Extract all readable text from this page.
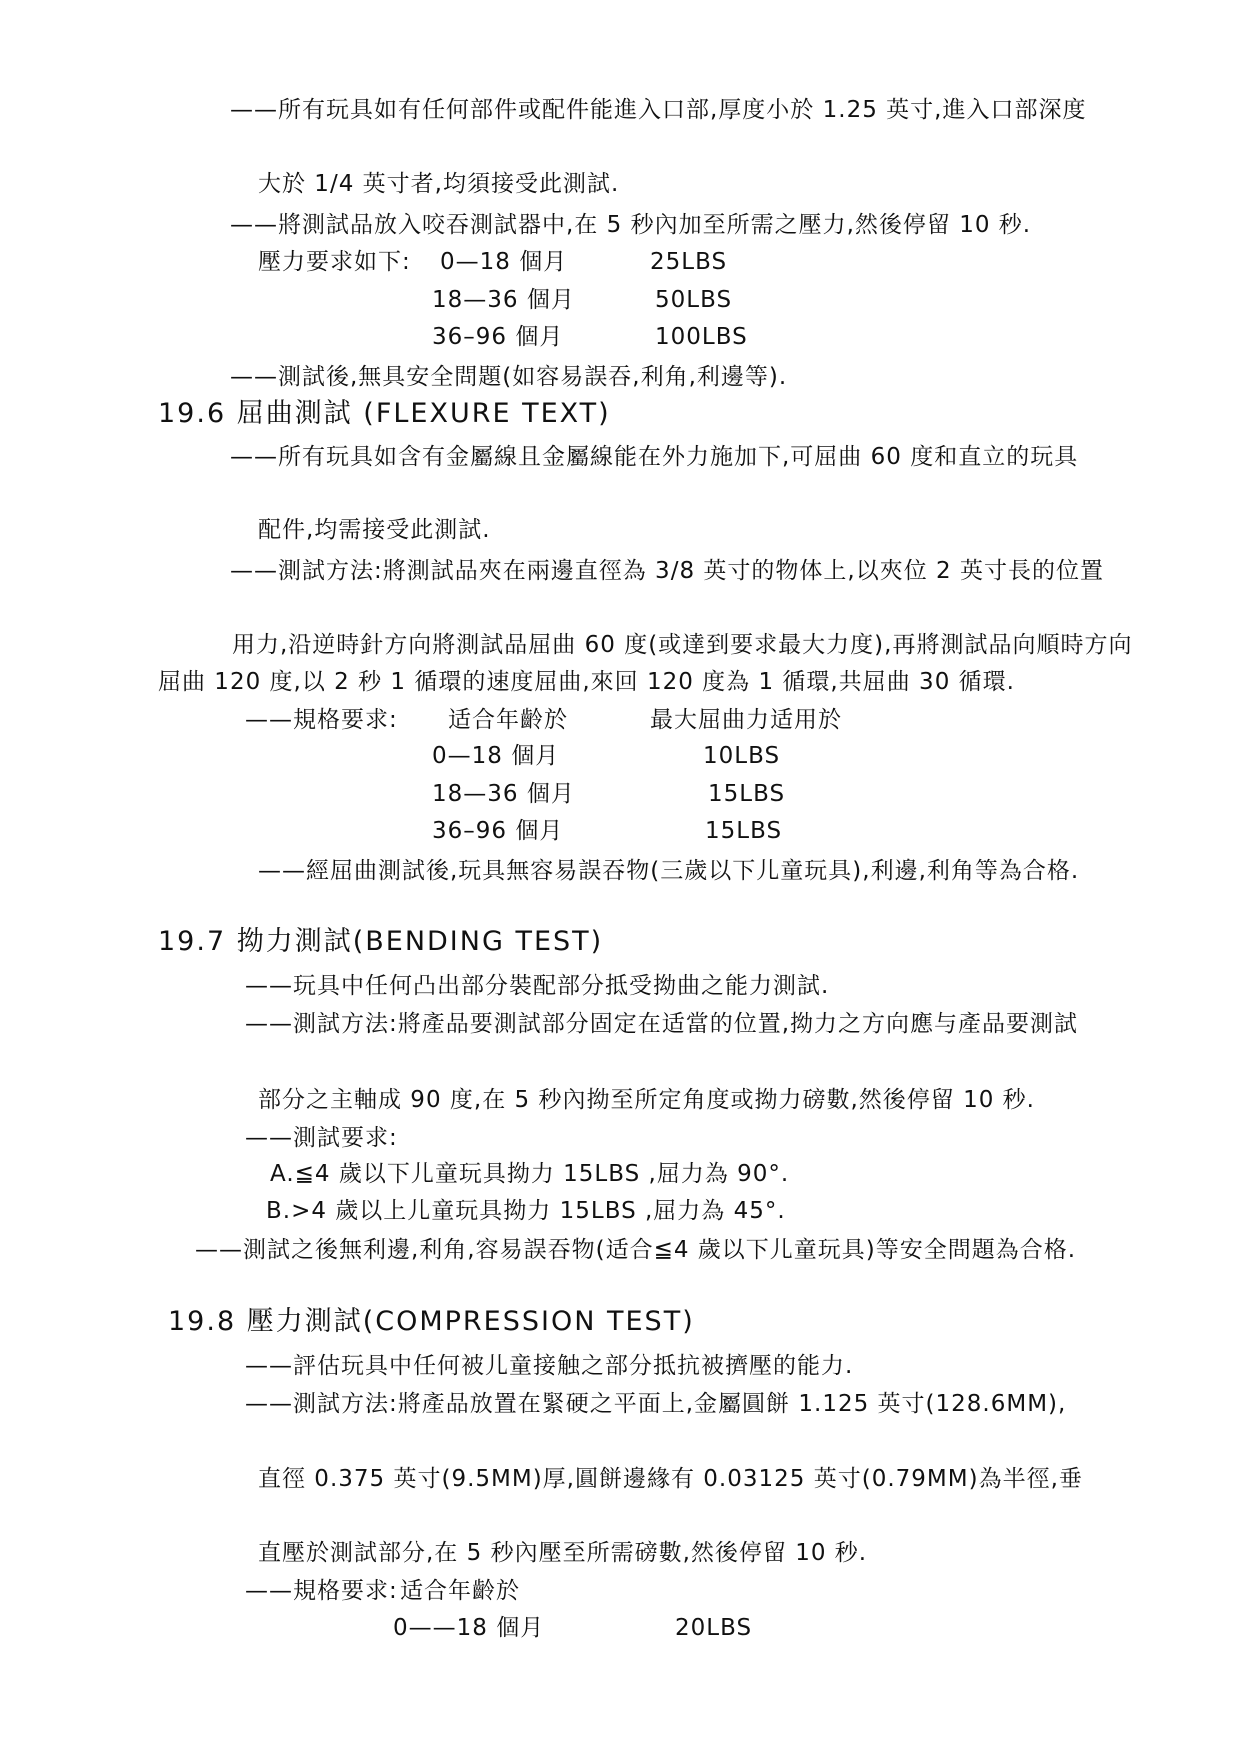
——所有玩具如有任何部件或配件能進入口部,厚度小於 1.25 英寸,進入口部深度
大於 1/4 英寸者,均須接受此測試.
——將測試品放入咬吞測試器中,在 5 秒內加至所需之壓力,然後停留 10 秒.
壓力要求如下: 0—18 個月	25LBS
18—36 個月	50LBS
36–96 個月	100LBS
——測試後,無具安全問題(如容易誤吞,利角,利邊等).
19.6 屈曲測試 (FLEXURE TEXT)
——所有玩具如含有金屬線且金屬線能在外力施加下,可屈曲 60 度和直立的玩具
配件,均需接受此測試.
——測試方法:將測試品夾在兩邊直徑為 3/8 英寸的物体上,以夾位 2 英寸長的位置
用力,沿逆時針方向將測試品屈曲 60 度(或達到要求最大力度),再將測試品向順時方向
屈曲 120 度,以 2 秒 1 循環的速度屈曲,來回 120 度為 1 循環,共屈曲 30 循環.
——規格要求: 适合年齡於	最大屈曲力适用於
0—18 個月	10LBS
18—36 個月	15LBS
36–96 個月	15LBS
——經屈曲測試後,玩具無容易誤吞物(三歲以下儿童玩具),利邊,利角等為合格.
19.7 拗力測試(BENDING TEST)
——玩具中任何凸出部分裝配部分抵受拗曲之能力測試.
——測試方法:將產品要測試部分固定在适當的位置,拗力之方向應与產品要測試
部分之主軸成 90 度,在 5 秒內拗至所定角度或拗力磅數,然後停留 10 秒.
——測試要求:
A.≦4 歲以下儿童玩具拗力 15LBS ,屈力為 90°.
B.>4 歲以上儿童玩具拗力 15LBS ,屈力為 45°.
——測試之後無利邊,利角,容易誤吞物(适合≦4 歲以下儿童玩具)等安全問題為合格.
19.8 壓力測試(COMPRESSION TEST)
——評估玩具中任何被儿童接触之部分抵抗被擠壓的能力.
——測試方法:將產品放置在緊硬之平面上,金屬圓餅 1.125 英寸(128.6MM),
直徑 0.375 英寸(9.5MM)厚,圓餅邊緣有 0.03125 英寸(0.79MM)為半徑,垂
直壓於測試部分,在 5 秒內壓至所需磅數,然後停留 10 秒.
——規格要求: 适合年齡於
0——18 個月	20LBS
